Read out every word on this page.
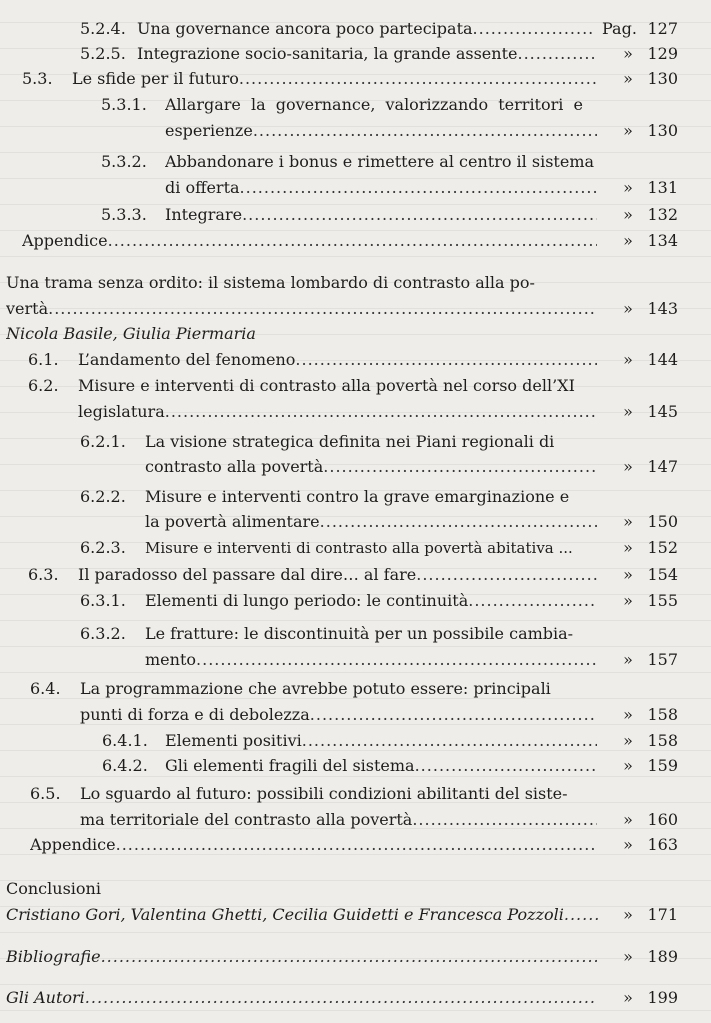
5.2.4. Una governance ancora poco partecipata .....	Pag. 127
5.2.5. Integrazione socio-sanitaria, la grande assente .....	» 129
5.3. Le sfide per il futuro .....	» 130
5.3.1. Allargare la governance, valorizzando territori e
esperienze .....	» 130
5.3.2. Abbandonare i bonus e rimettere al centro il sistema
di offerta .....	» 131
5.3.3. Integrare .....	» 132
Appendice .....	» 134
Una trama senza ordito: il sistema lombardo di contrasto alla po-
vertà .....	» 143
Nicola Basile, Giulia Piermaria
6.1. L’andamento del fenomeno .....	» 144
6.2. Misure e interventi di contrasto alla povertà nel corso dell’XI
legislatura .....	» 145
6.2.1. La visione strategica definita nei Piani regionali di
contrasto alla povertà .....	» 147
6.2.2. Misure e interventi contro la grave emarginazione e
la povertà alimentare .....	» 150
6.2.3. Misure e interventi di contrasto alla povertà abitativa ...	» 152
6.3. Il paradosso del passare dal dire… al fare .....	» 154
6.3.1. Elementi di lungo periodo: le continuità .....	» 155
6.3.2. Le fratture: le discontinuità per un possibile cambia-
mento .....	» 157
6.4. La programmazione che avrebbe potuto essere: principali
punti di forza e di debolezza .....	» 158
6.4.1. Elementi positivi .....	» 158
6.4.2. Gli elementi fragili del sistema .....	» 159
6.5. Lo sguardo al futuro: possibili condizioni abilitanti del siste-
ma territoriale del contrasto alla povertà .....	» 160
Appendice .....	» 163
Conclusioni
Cristiano Gori, Valentina Ghetti, Cecilia Guidetti e Francesca Pozzoli .....	» 171
Bibliografie .....	» 189
Gli Autori .....	» 199
